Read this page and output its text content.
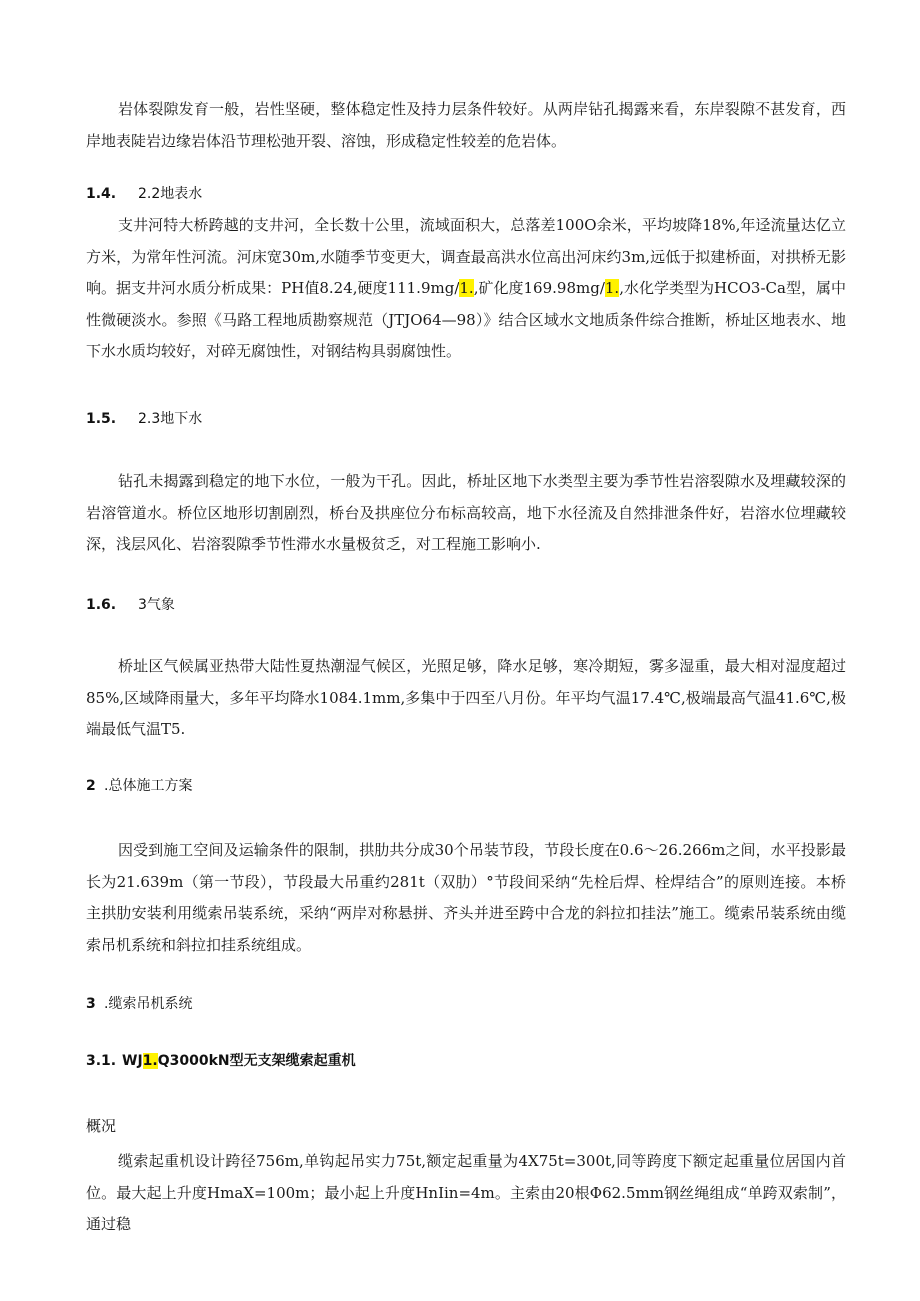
岩体裂隙发育一般，岩性坚硬，整体稳定性及持力层条件较好。从两岸钻孔揭露来看，东岸裂隙不甚发育，西岸地表陡岩边缘岩体沿节理松弛开裂、溶蚀，形成稳定性较差的危岩体。

1.4. 2.2地表水

支井河特大桥跨越的支井河，全长数十公里，流域面积大，总落差100O余米，平均坡降18%,年迳流量达亿立方米，为常年性河流。河床宽30m,水随季节变更大，调查最高洪水位高出河床约3m,远低于拟建桥面，对拱桥无影响。据支井河水质分析成果：PH值8.24,硬度111.9mg/1.,矿化度169.98mg/1.,水化学类型为HCO3-Ca型，属中性微硬淡水。参照《马路工程地质勘察规范（JTJO64—98）》结合区域水文地质条件综合推断，桥址区地表水、地下水水质均较好，对碎无腐蚀性，对钢结构具弱腐蚀性。

1.5. 2.3地下水

钻孔未揭露到稳定的地下水位，一般为干孔。因此，桥址区地下水类型主要为季节性岩溶裂隙水及埋藏较深的岩溶管道水。桥位区地形切割剧烈，桥台及拱座位分布标高较高，地下水径流及自然排泄条件好，岩溶水位埋藏较深，浅层风化、岩溶裂隙季节性滞水水量极贫乏，对工程施工影响小.

1.6. 3气象

桥址区气候属亚热带大陆性夏热潮湿气候区，光照足够，降水足够，寒冷期短，雾多湿重，最大相对湿度超过85%,区域降雨量大，多年平均降水1084.1mm,多集中于四至八月份。年平均气温17.4℃,极端最高气温41.6℃,极端最低气温T5.

2 .总体施工方案

因受到施工空间及运输条件的限制，拱肋共分成30个吊装节段，节段长度在0.6〜26.266m之间，水平投影最长为21.639m（第一节段），节段最大吊重约281t（双肋）°节段间采纳“先栓后焊、栓焊结合”的原则连接。本桥主拱肋安装利用缆索吊装系统，采纳“两岸对称悬拼、齐头并进至跨中合龙的斜拉扣挂法”施工。缆索吊装系统由缆索吊机系统和斜拉扣挂系统组成。

3 .缆索吊机系统

3.1. WJ1.Q3000kN型无支架缆索起重机

概况

缆索起重机设计跨径756m,单钩起吊实力75t,额定起重量为4X75t=300t,同等跨度下额定起重量位居国内首位。最大起上升度HmaX=100m；最小起上升度HnIin=4m。主索由20根Φ62.5mm钢丝绳组成“单跨双索制”，通过稳
